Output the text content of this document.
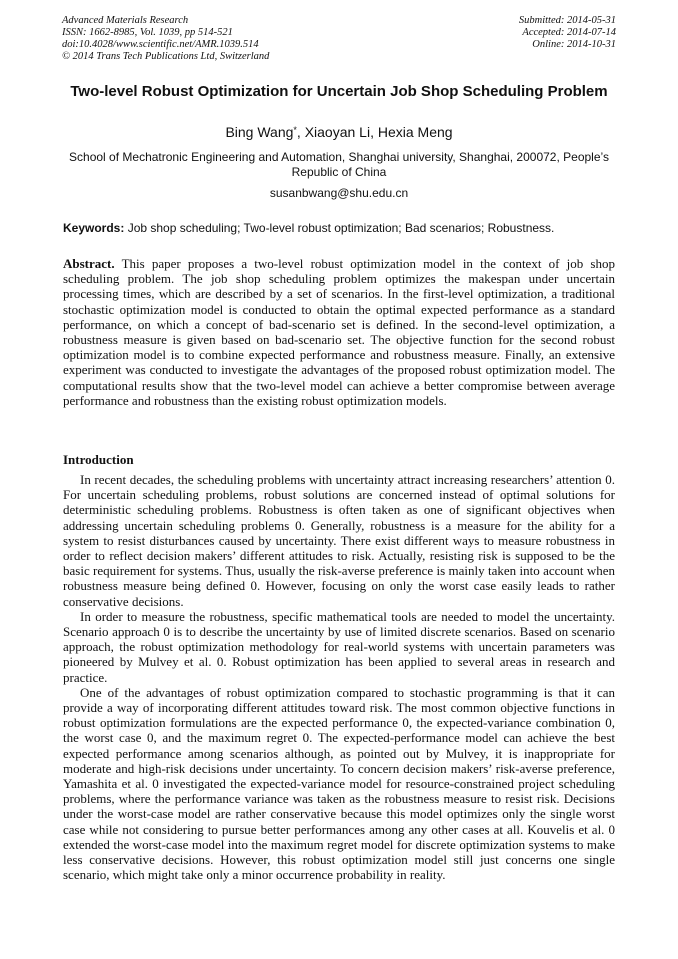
Advanced Materials Research
ISSN: 1662-8985, Vol. 1039, pp 514-521
doi:10.4028/www.scientific.net/AMR.1039.514
© 2014 Trans Tech Publications Ltd, Switzerland
Submitted: 2014-05-31
Accepted: 2014-07-14
Online: 2014-10-31
Two-level Robust Optimization for Uncertain Job Shop Scheduling Problem
Bing Wang*, Xiaoyan Li, Hexia Meng
School of Mechatronic Engineering and Automation, Shanghai university, Shanghai, 200072, People’s Republic of China
susanbwang@shu.edu.cn
Keywords: Job shop scheduling; Two-level robust optimization; Bad scenarios; Robustness.
Abstract. This paper proposes a two-level robust optimization model in the context of job shop scheduling problem. The job shop scheduling problem optimizes the makespan under uncertain processing times, which are described by a set of scenarios. In the first-level optimization, a traditional stochastic optimization model is conducted to obtain the optimal expected performance as a standard performance, on which a concept of bad-scenario set is defined. In the second-level optimization, a robustness measure is given based on bad-scenario set. The objective function for the second robust optimization model is to combine expected performance and robustness measure. Finally, an extensive experiment was conducted to investigate the advantages of the proposed robust optimization model. The computational results show that the two-level model can achieve a better compromise between average performance and robustness than the existing robust optimization models.
Introduction

In recent decades, the scheduling problems with uncertainty attract increasing researchers’ attention 0. For uncertain scheduling problems, robust solutions are concerned instead of optimal solutions for deterministic scheduling problems. Robustness is often taken as one of significant objectives when addressing uncertain scheduling problems 0. Generally, robustness is a measure for the ability for a system to resist disturbances caused by uncertainty. There exist different ways to measure robustness in order to reflect decision makers’ different attitudes to risk. Actually, resisting risk is supposed to be the basic requirement for systems. Thus, usually the risk-averse preference is mainly taken into account when robustness measure being defined 0. However, focusing on only the worst case easily leads to rather conservative decisions.

In order to measure the robustness, specific mathematical tools are needed to model the uncertainty. Scenario approach 0 is to describe the uncertainty by use of limited discrete scenarios. Based on scenario approach, the robust optimization methodology for real-world systems with uncertain parameters was pioneered by Mulvey et al. 0. Robust optimization has been applied to several areas in research and practice.

One of the advantages of robust optimization compared to stochastic programming is that it can provide a way of incorporating different attitudes toward risk. The most common objective functions in robust optimization formulations are the expected performance 0, the expected-variance combination 0, the worst case 0, and the maximum regret 0. The expected-performance model can achieve the best expected performance among scenarios although, as pointed out by Mulvey, it is inappropriate for moderate and high-risk decisions under uncertainty. To concern decision makers’ risk-averse preference, Yamashita et al. 0 investigated the expected-variance model for resource-constrained project scheduling problems, where the performance variance was taken as the robustness measure to resist risk. Decisions under the worst-case model are rather conservative because this model optimizes only the single worst case while not considering to pursue better performances among any other cases at all. Kouvelis et al. 0 extended the worst-case model into the maximum regret model for discrete optimization systems to make less conservative decisions. However, this robust optimization model still just concerns one single scenario, which might take only a minor occurrence probability in reality.
